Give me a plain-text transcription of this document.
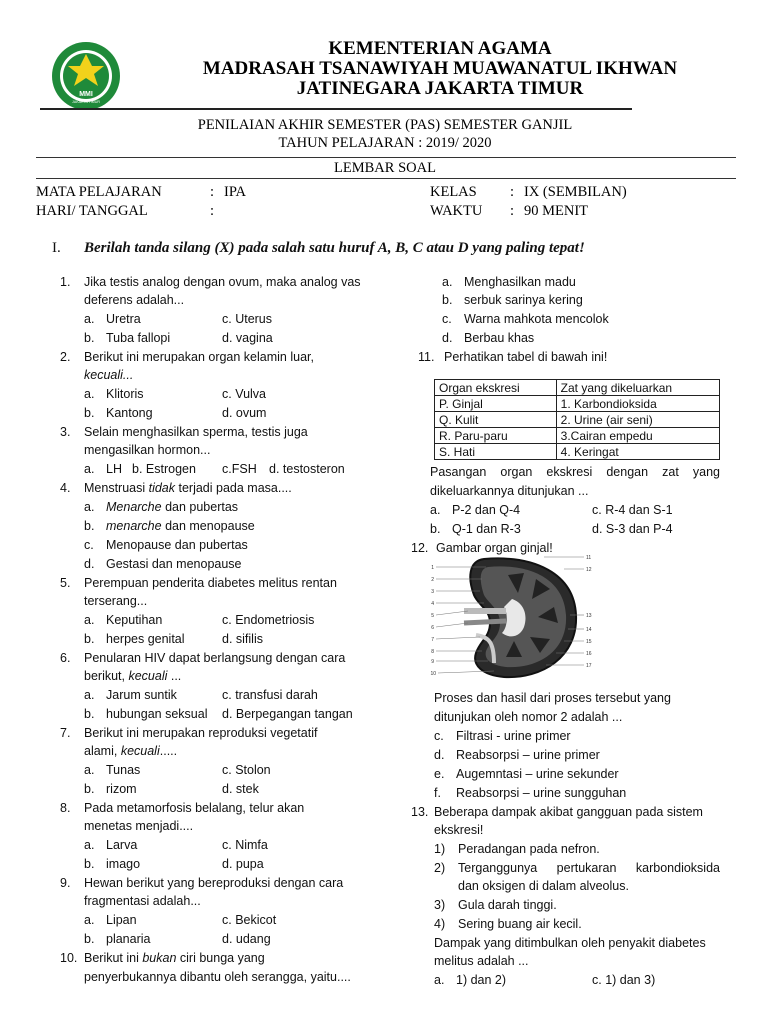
MMI
JAKARTA TIMUR
KEMENTERIAN AGAMA
MADRASAH TSANAWIYAH MUAWANATUL IKHWAN
JATINEGARA JAKARTA TIMUR
PENILAIAN AKHIR SEMESTER (PAS) SEMESTER GANJIL
TAHUN PELAJARAN : 2019/ 2020
LEMBAR SOAL
MATA PELAJARAN	: IPA
HARI/ TANGGAL	:
KELAS : IX (SEMBILAN)
WAKTU : 90 MENIT
I. Berilah tanda silang (X) pada salah satu huruf A, B, C atau D yang paling tepat!
1. Jika testis analog dengan ovum, maka analog vas
deferens adalah...
a. Uretra	c. Uterus
b. Tuba fallopi	d. vagina
2. Berikut ini merupakan organ kelamin luar,
kecuali...
a. Klitoris	c. Vulva
b. Kantong	d. ovum
3. Selain menghasilkan sperma, testis juga
mengasilkan hormon...
a. LH b. Estrogen c.FSH d. testosteron
4. Menstruasi tidak terjadi pada masa....
a. Menarche dan pubertas
b. menarche dan menopause
c. Menopause dan pubertas
d. Gestasi dan menopause
5. Perempuan penderita diabetes melitus rentan
terserang...
a. Keputihan	c. Endometriosis
b. herpes genital	d. sifilis
6. Penularan HIV dapat berlangsung dengan cara
berikut, kecuali ...
a. Jarum suntik	c. transfusi darah
b. hubungan seksual d. Berpegangan tangan
7. Berikut ini merupakan reproduksi vegetatif
alami, kecuali.....
a. Tunas	c. Stolon
b. rizom	d. stek
8. Pada metamorfosis belalang, telur akan
menetas menjadi....
a. Larva	c. Nimfa
b. imago	d. pupa
9. Hewan berikut yang bereproduksi dengan cara
fragmentasi adalah...
a. Lipan	c. Bekicot
b. planaria	d. udang
10. Berikut ini bukan ciri bunga yang
penyerbukannya dibantu oleh serangga, yaitu....
a. Menghasilkan madu
b. serbuk sarinya kering
c. Warna mahkota mencolok
d. Berbau khas
11. Perhatikan tabel di bawah ini!
Organ ekskresi	Zat yang dikeluarkan
P. Ginjal	1. Karbondioksida
Q. Kulit	2. Urine (air seni)
R. Paru-paru	3.Cairan empedu
S. Hati	4. Keringat
Pasangan organ ekskresi dengan zat yang
dikeluarkannya ditunjukan ...
a. P-2 dan Q-4	c. R-4 dan S-1
b. Q-1 dan R-3	d. S-3 dan P-4
12. Gambar organ ginjal!
1
2
3
4
5
6
7
8
9
10
11
12
13
14
15
16
17
Proses dan hasil dari proses tersebut yang
ditunjukan oleh nomor 2 adalah ...
c. Filtrasi - urine primer
d. Reabsorpsi – urine primer
e. Augemntasi – urine sekunder
f. Reabsorpsi – urine sungguhan
13. Beberapa dampak akibat gangguan pada sistem
ekskresi!
1) Peradangan pada nefron.
2) Terganggunya pertukaran karbondioksida
dan oksigen di dalam alveolus.
3) Gula darah tinggi.
4) Sering buang air kecil.
Dampak yang ditimbulkan oleh penyakit diabetes
melitus adalah ...
a. 1) dan 2)	c. 1) dan 3)
